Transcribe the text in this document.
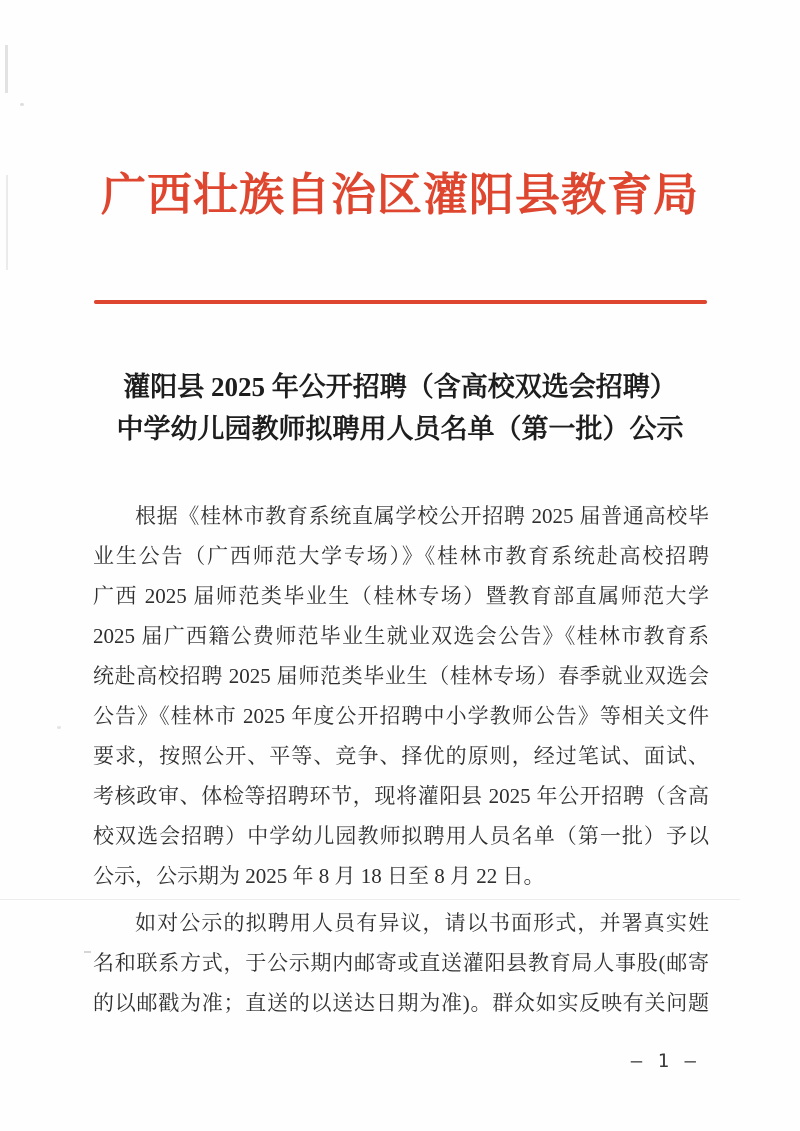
广西壮族自治区灌阳县教育局
灌阳县 2025 年公开招聘（含高校双选会招聘）
中学幼儿园教师拟聘用人员名单（第一批）公示

根据《桂林市教育系统直属学校公开招聘 2025 届普通高校毕
业生公告（广西师范大学专场）》《桂林市教育系统赴高校招聘
广西 2025 届师范类毕业生（桂林专场）暨教育部直属师范大学
2025 届广西籍公费师范毕业生就业双选会公告》《桂林市教育系
统赴高校招聘 2025 届师范类毕业生（桂林专场）春季就业双选会
公告》《桂林市 2025 年度公开招聘中小学教师公告》等相关文件
要求，按照公开、平等、竞争、择优的原则，经过笔试、面试、
考核政审、体检等招聘环节，现将灌阳县 2025 年公开招聘（含高
校双选会招聘）中学幼儿园教师拟聘用人员名单（第一批）予以
公示，公示期为 2025 年 8 月 18 日至 8 月 22 日。

如对公示的拟聘用人员有异议，请以书面形式，并署真实姓
名和联系方式，于公示期内邮寄或直送灌阳县教育局人事股(邮寄
的以邮戳为准；直送的以送达日期为准)。群众如实反映有关问题

— 1 —
